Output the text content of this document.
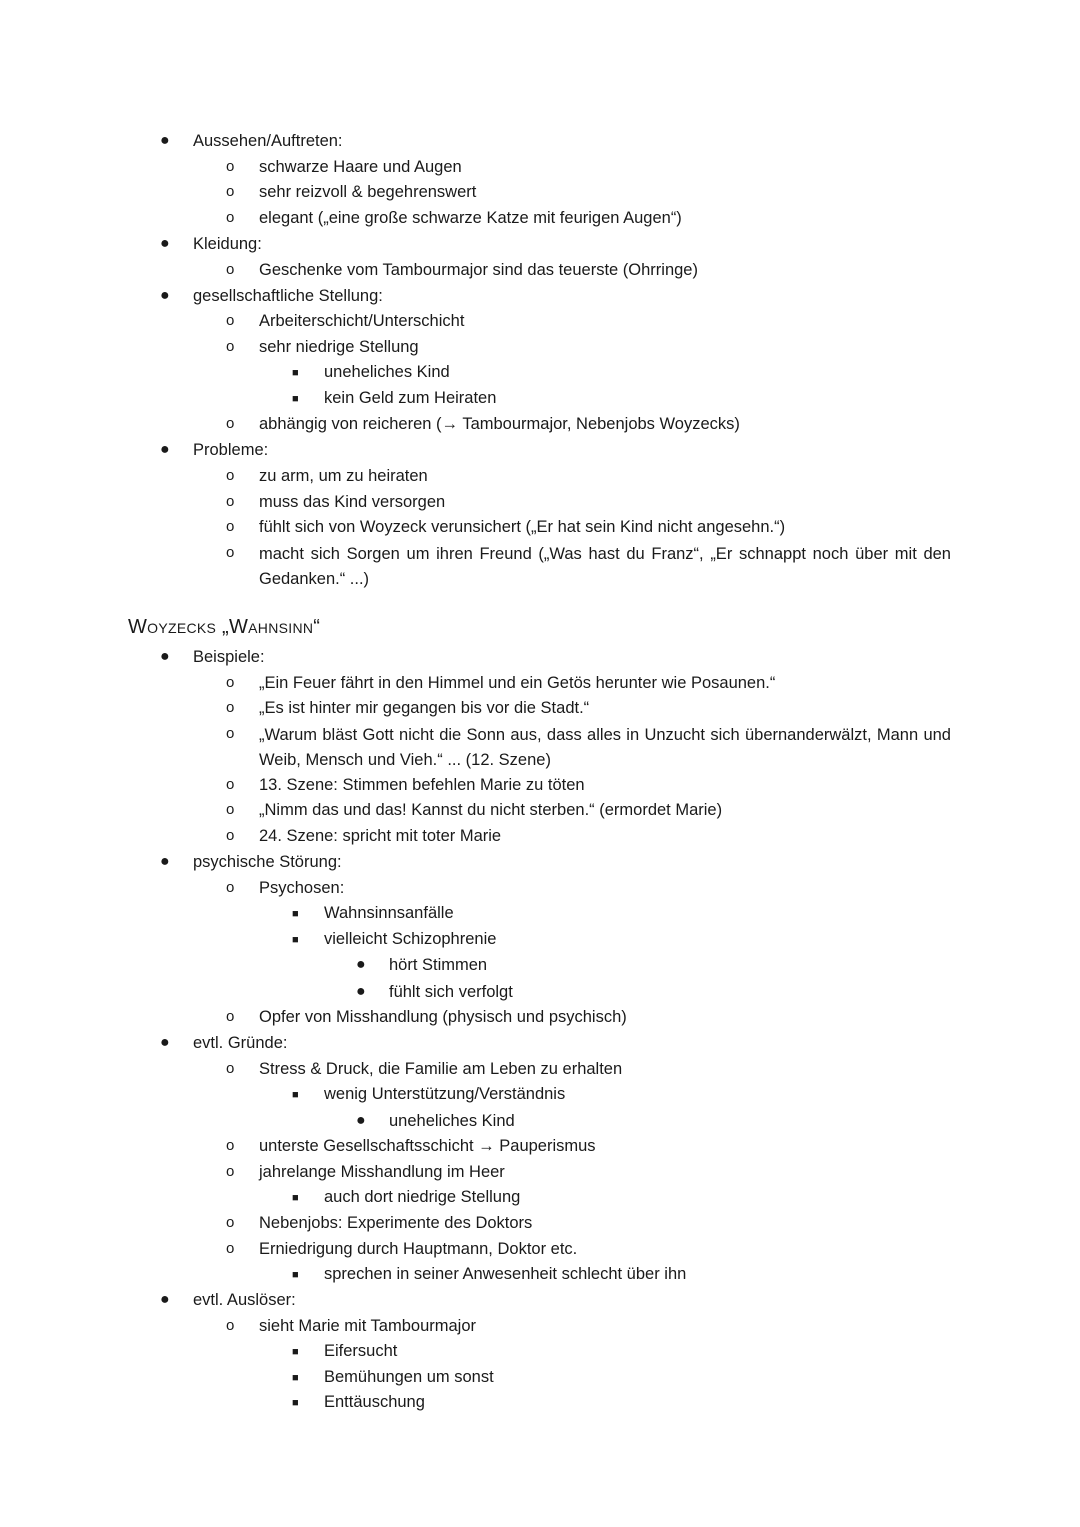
● Aussehen/Auftreten:
o schwarze Haare und Augen
o sehr reizvoll & begehrenswert
o elegant („eine große schwarze Katze mit feurigen Augen“)
● Kleidung:
o Geschenke vom Tambourmajor sind das teuerste (Ohrringe)
● gesellschaftliche Stellung:
o Arbeiterschicht/Unterschicht
o sehr niedrige Stellung
■ uneheliches Kind
■ kein Geld zum Heiraten
o abhängig von reicheren (→ Tambourmajor, Nebenjobs Woyzecks)
● Probleme:
o zu arm, um zu heiraten
o muss das Kind versorgen
o fühlt sich von Woyzeck verunsichert („Er hat sein Kind nicht angesehn.“)
o macht sich Sorgen um ihren Freund („Was hast du Franz“, „Er schnappt noch über mit den Gedanken.“ ...)
Woyzecks „Wahnsinn“
● Beispiele:
o „Ein Feuer fährt in den Himmel und ein Getös herunter wie Posaunen.“
o „Es ist hinter mir gegangen bis vor die Stadt.“
o „Warum bläst Gott nicht die Sonn aus, dass alles in Unzucht sich übernanderwälzt, Mann und Weib, Mensch und Vieh.“ ... (12. Szene)
o 13. Szene: Stimmen befehlen Marie zu töten
o „Nimm das und das! Kannst du nicht sterben.“ (ermordet Marie)
o 24. Szene: spricht mit toter Marie
● psychische Störung:
o Psychosen:
■ Wahnsinnsanfälle
■ vielleicht Schizophrenie
● hört Stimmen
● fühlt sich verfolgt
o Opfer von Misshandlung (physisch und psychisch)
● evtl. Gründe:
o Stress & Druck, die Familie am Leben zu erhalten
■ wenig Unterstützung/Verständnis
● uneheliches Kind
o unterste Gesellschaftsschicht → Pauperismus
o jahrelange Misshandlung im Heer
■ auch dort niedrige Stellung
o Nebenjobs: Experimente des Doktors
o Erniedrigung durch Hauptmann, Doktor etc.
■ sprechen in seiner Anwesenheit schlecht über ihn
● evtl. Auslöser:
o sieht Marie mit Tambourmajor
■ Eifersucht
■ Bemühungen um sonst
■ Enttäuschung
